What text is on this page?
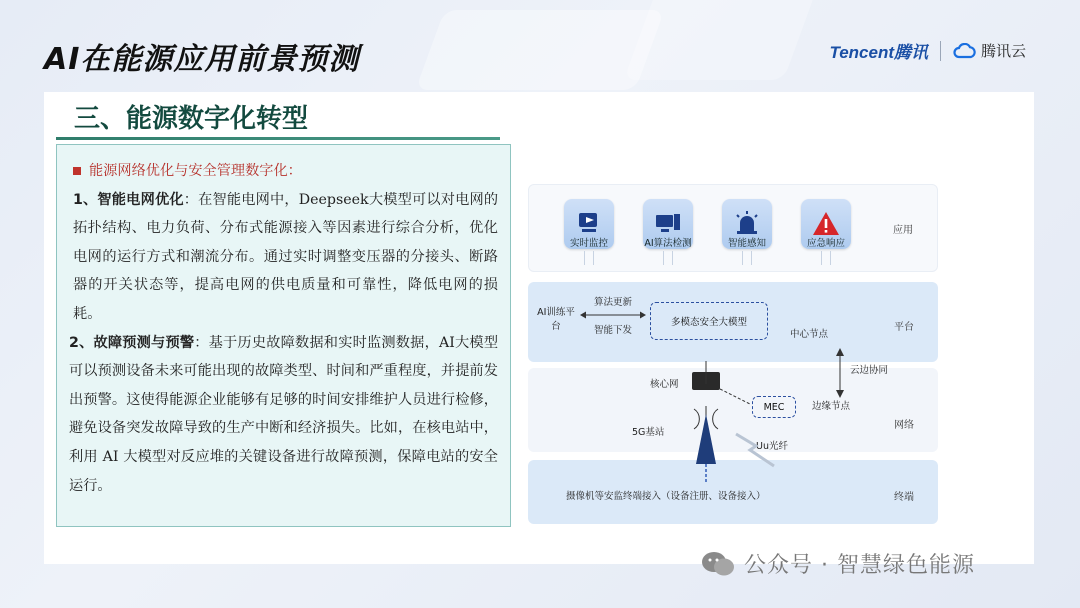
AI在能源应用前景预测	Tencent腾讯	腾讯云
三、能源数字化转型
能源网络优化与安全管理数字化：
1、智能电网优化：在智能电网中，Deepseek大模型可以对电网的拓扑结构、电力负荷、分布式能源接入等因素进行综合分析，优化电网的运行方式和潮流分布。通过实时调整变压器的分接头、断路器的开关状态等，提高电网的供电质量和可靠性，降低电网的损耗。
2、故障预测与预警：基于历史故障数据和实时监测数据，AI大模型可以预测设备未来可能出现的故障类型、时间和严重程度，并提前发出预警。这使得能源企业能够有足够的时间安排维护人员进行检修，避免设备突发故障导致的生产中断和经济损失。比如，在核电站中，利用 AI 大模型对反应堆的关键设备进行故障预测，保障电站的安全运行。
实时监控	AI算法检测	智能感知	应急响应
应用
AI训练平台
算法更新
智能下发
多模态安全大模型
中心节点
平台
核心网
MEC	边缘节点
云边协同
5G基站
Uu光纤
网络
摄像机等安监终端接入（设备注册、设备接入）	终端
公众号 · 智慧绿色能源
